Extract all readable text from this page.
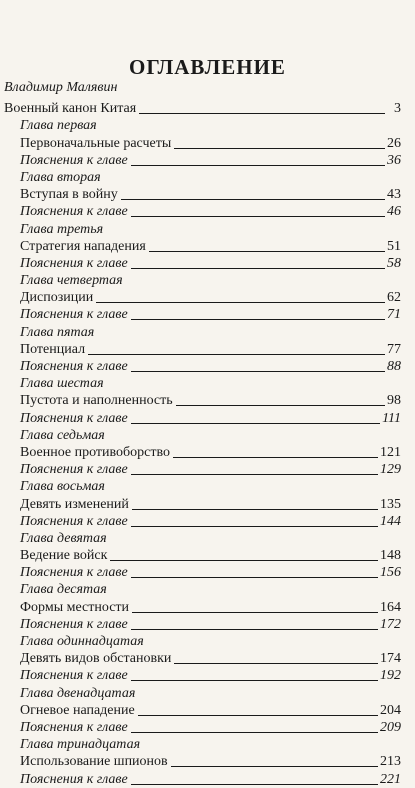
ОГЛАВЛЕНИЕ
Владимир Малявин
Военный канон Китая	3
Глава первая
Первоначальные расчеты	26
Пояснения к главе	36
Глава вторая
Вступая в войну	43
Пояснения к главе	46
Глава третья
Стратегия нападения	51
Пояснения к главе	58
Глава четвертая
Диспозиции	62
Пояснения к главе	71
Глава пятая
Потенциал	77
Пояснения к главе	88
Глава шестая
Пустота и наполненность	98
Пояснения к главе	111
Глава седьмая
Военное противоборство	121
Пояснения к главе	129
Глава восьмая
Девять изменений	135
Пояснения к главе	144
Глава девятая
Ведение войск	148
Пояснения к главе	156
Глава десятая
Формы местности	164
Пояснения к главе	172
Глава одиннадцатая
Девять видов обстановки	174
Пояснения к главе	192
Глава двенадцатая
Огневое нападение	204
Пояснения к главе	209
Глава тринадцатая
Использование шпионов	213
Пояснения к главе	221
